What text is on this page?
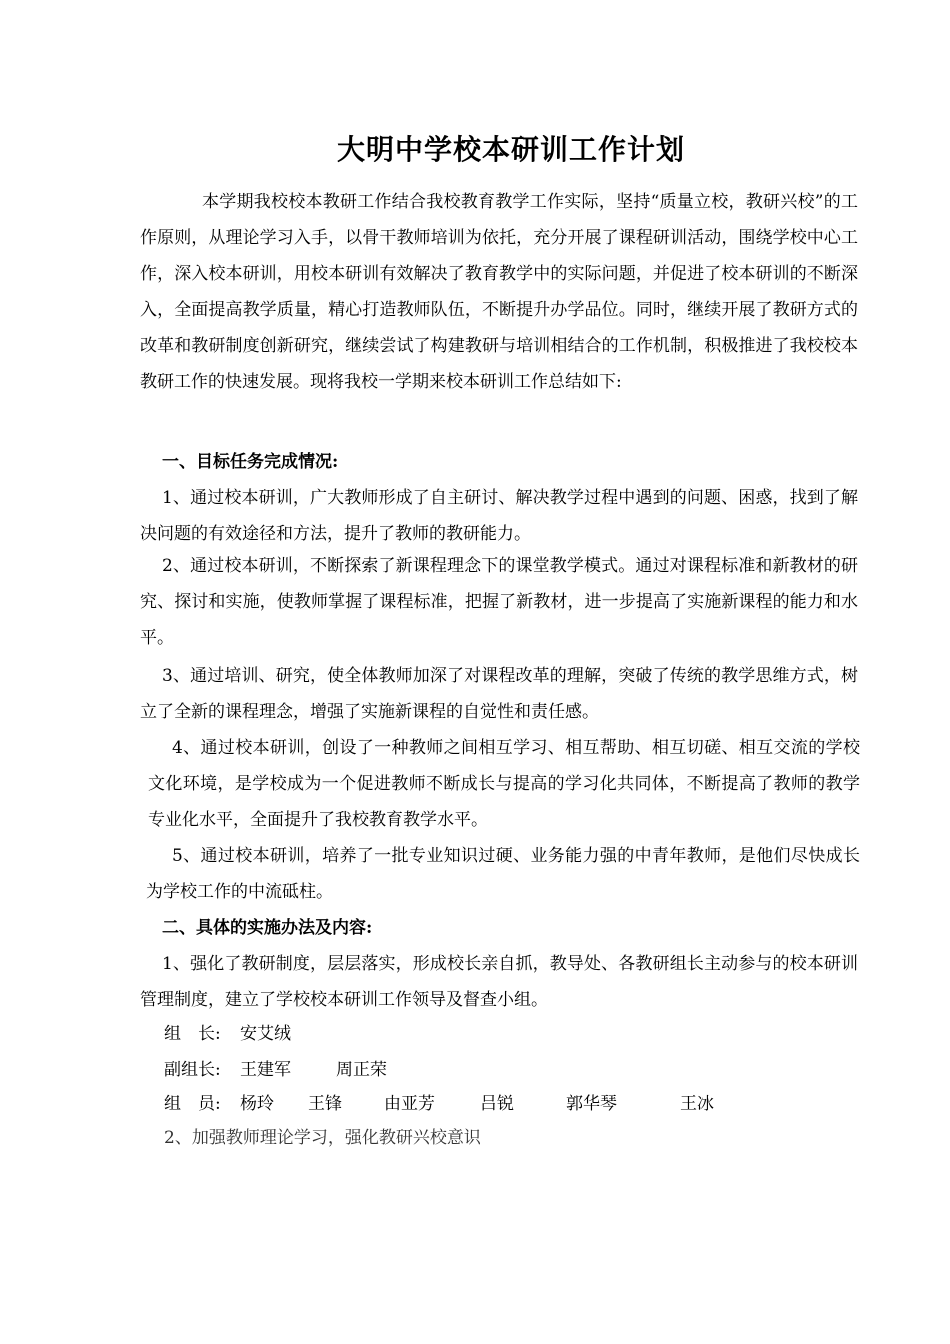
大明中学校本研训工作计划
本学期我校校本教研工作结合我校教育教学工作实际，坚持“质量立校，教研兴校”的工作原则，从理论学习入手，以骨干教师培训为依托，充分开展了课程研训活动，围绕学校中心工作，深入校本研训，用校本研训有效解决了教育教学中的实际问题，并促进了校本研训的不断深入，全面提高教学质量，精心打造教师队伍，不断提升办学品位。同时，继续开展了教研方式的改革和教研制度创新研究，继续尝试了构建教研与培训相结合的工作机制，积极推进了我校校本教研工作的快速发展。现将我校一学期来校本研训工作总结如下:
一、目标任务完成情况:
1、通过校本研训，广大教师形成了自主研讨、解决教学过程中遇到的问题、困惑，找到了解决问题的有效途径和方法，提升了教师的教研能力。
2、通过校本研训，不断探索了新课程理念下的课堂教学模式。通过对课程标准和新教材的研究、探讨和实施，使教师掌握了课程标准，把握了新教材，进一步提高了实施新课程的能力和水平。
3、通过培训、研究，使全体教师加深了对课程改革的理解，突破了传统的教学思维方式，树立了全新的课程理念，增强了实施新课程的自觉性和责任感。
4、通过校本研训，创设了一种教师之间相互学习、相互帮助、相互切磋、相互交流的学校文化环境，是学校成为一个促进教师不断成长与提高的学习化共同体，不断提高了教师的教学专业化水平，全面提升了我校教育教学水平。
5、通过校本研训，培养了一批专业知识过硬、业务能力强的中青年教师，是他们尽快成长为学校工作的中流砥柱。
二、具体的实施办法及内容:
1、强化了教研制度，层层落实，形成校长亲自抓，教导处、各教研组长主动参与的校本研训管理制度，建立了学校校本研训工作领导及督查小组。
组　长: 安艾绒
副组长: 王建军	周正荣
组　员: 杨玲 王锋 由亚芳	吕锐	郭华琴	王冰
2、加强教师理论学习，强化教研兴校意识
